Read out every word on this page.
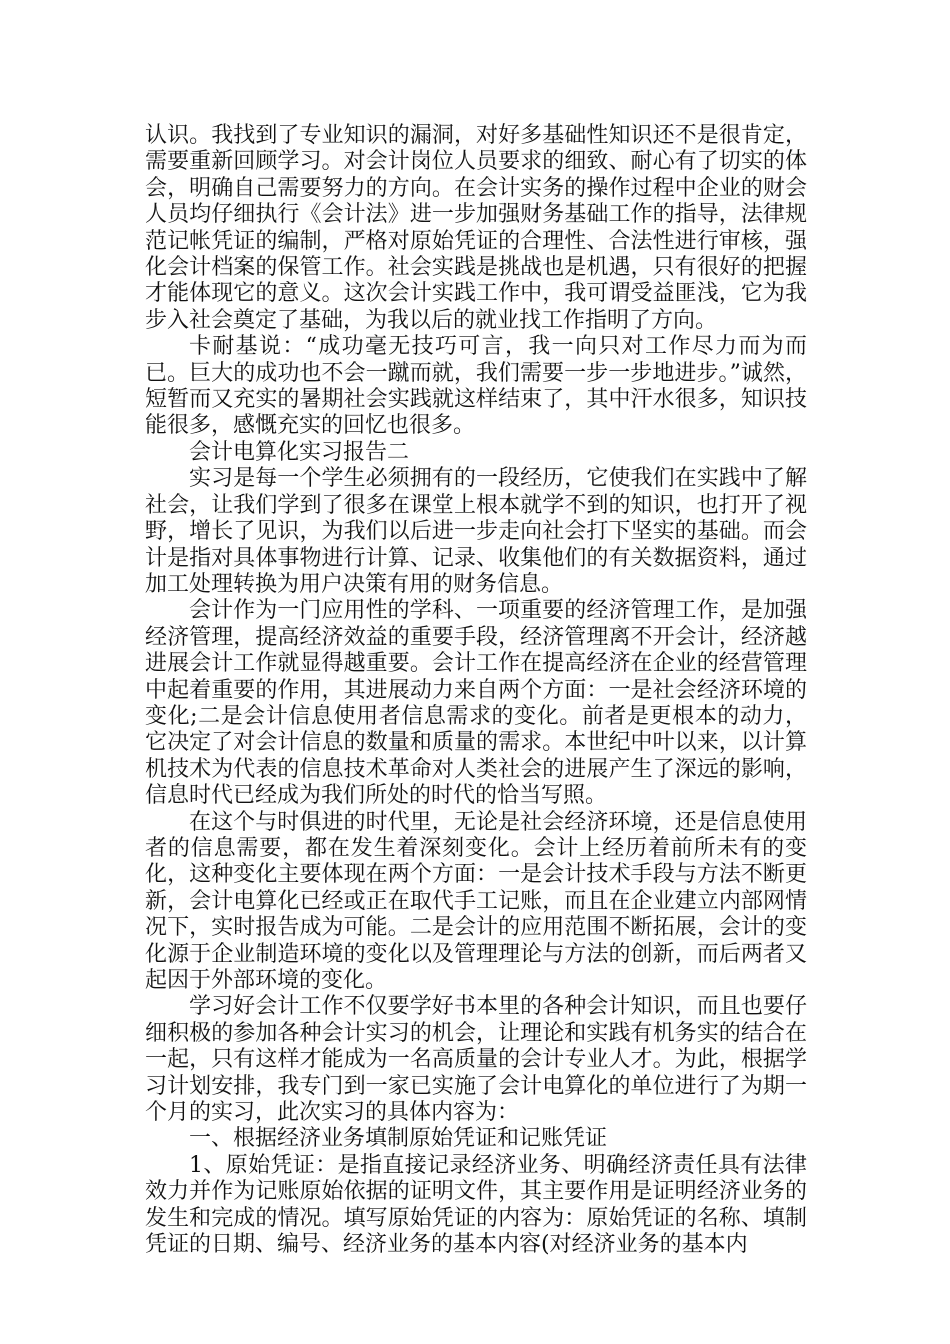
认识。我找到了专业知识的漏洞，对好多基础性知识还不是很肯定，需要重新回顾学习。对会计岗位人员要求的细致、耐心有了切实的体会，明确自己需要努力的方向。在会计实务的操作过程中企业的财会人员均仔细执行《会计法》进一步加强财务基础工作的指导，法律规范记帐凭证的编制，严格对原始凭证的合理性、合法性进行审核，强化会计档案的保管工作。社会实践是挑战也是机遇，只有很好的把握才能体现它的意义。这次会计实践工作中，我可谓受益匪浅，它为我步入社会奠定了基础，为我以后的就业找工作指明了方向。

卡耐基说：“成功毫无技巧可言，我一向只对工作尽力而为而已。巨大的成功也不会一蹴而就，我们需要一步一步地进步。”诚然，短暂而又充实的暑期社会实践就这样结束了，其中汗水很多，知识技能很多，感慨充实的回忆也很多。

会计电算化实习报告二

实习是每一个学生必须拥有的一段经历，它使我们在实践中了解社会，让我们学到了很多在课堂上根本就学不到的知识，也打开了视野，增长了见识，为我们以后进一步走向社会打下坚实的基础。而会计是指对具体事物进行计算、记录、收集他们的有关数据资料，通过加工处理转换为用户决策有用的财务信息。

会计作为一门应用性的学科、一项重要的经济管理工作，是加强经济管理，提高经济效益的重要手段，经济管理离不开会计，经济越进展会计工作就显得越重要。会计工作在提高经济在企业的经营管理中起着重要的作用，其进展动力来自两个方面：一是社会经济环境的变化;二是会计信息使用者信息需求的变化。前者是更根本的动力，它决定了对会计信息的数量和质量的需求。本世纪中叶以来，以计算机技术为代表的信息技术革命对人类社会的进展产生了深远的影响，信息时代已经成为我们所处的时代的恰当写照。

在这个与时俱进的时代里，无论是社会经济环境，还是信息使用者的信息需要，都在发生着深刻变化。会计上经历着前所未有的变化，这种变化主要体现在两个方面：一是会计技术手段与方法不断更新，会计电算化已经或正在取代手工记账，而且在企业建立内部网情况下，实时报告成为可能。二是会计的应用范围不断拓展，会计的变化源于企业制造环境的变化以及管理理论与方法的创新，而后两者又起因于外部环境的变化。

学习好会计工作不仅要学好书本里的各种会计知识，而且也要仔细积极的参加各种会计实习的机会，让理论和实践有机务实的结合在一起，只有这样才能成为一名高质量的会计专业人才。为此，根据学习计划安排，我专门到一家已实施了会计电算化的单位进行了为期一个月的实习，此次实习的具体内容为：

一、根据经济业务填制原始凭证和记账凭证

1、原始凭证：是指直接记录经济业务、明确经济责任具有法律效力并作为记账原始依据的证明文件，其主要作用是证明经济业务的发生和完成的情况。填写原始凭证的内容为：原始凭证的名称、填制凭证的日期、编号、经济业务的基本内容(对经济业务的基本内
